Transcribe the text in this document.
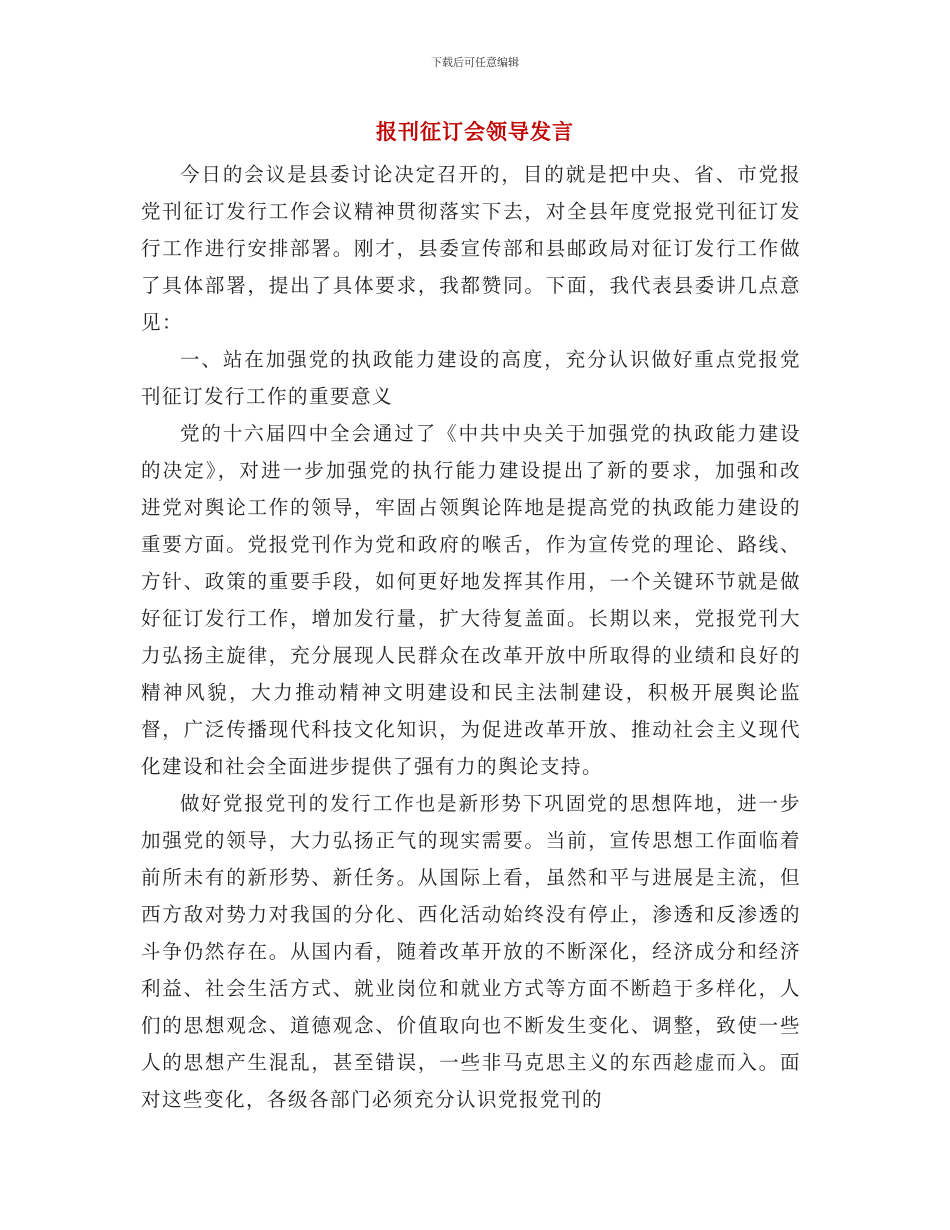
下载后可任意编辑
报刊征订会领导发言

今日的会议是县委讨论决定召开的，目的就是把中央、省、市党报党刊征订发行工作会议精神贯彻落实下去，对全县年度党报党刊征订发行工作进行安排部署。刚才，县委宣传部和县邮政局对征订发行工作做了具体部署，提出了具体要求，我都赞同。下面，我代表县委讲几点意见：

一、站在加强党的执政能力建设的高度，充分认识做好重点党报党刊征订发行工作的重要意义

党的十六届四中全会通过了《中共中央关于加强党的执政能力建设的决定》，对进一步加强党的执行能力建设提出了新的要求，加强和改进党对舆论工作的领导，牢固占领舆论阵地是提高党的执政能力建设的重要方面。党报党刊作为党和政府的喉舌，作为宣传党的理论、路线、方针、政策的重要手段，如何更好地发挥其作用，一个关键环节就是做好征订发行工作，增加发行量，扩大待复盖面。长期以来，党报党刊大力弘扬主旋律，充分展现人民群众在改革开放中所取得的业绩和良好的精神风貌，大力推动精神文明建设和民主法制建设，积极开展舆论监督，广泛传播现代科技文化知识，为促进改革开放、推动社会主义现代化建设和社会全面进步提供了强有力的舆论支持。

做好党报党刊的发行工作也是新形势下巩固党的思想阵地，进一步加强党的领导，大力弘扬正气的现实需要。当前，宣传思想工作面临着前所未有的新形势、新任务。从国际上看，虽然和平与进展是主流，但西方敌对势力对我国的分化、西化活动始终没有停止，渗透和反渗透的斗争仍然存在。从国内看，随着改革开放的不断深化，经济成分和经济利益、社会生活方式、就业岗位和就业方式等方面不断趋于多样化，人们的思想观念、道德观念、价值取向也不断发生变化、调整，致使一些人的思想产生混乱，甚至错误，一些非马克思主义的东西趁虚而入。面对这些变化，各级各部门必须充分认识党报党刊的
